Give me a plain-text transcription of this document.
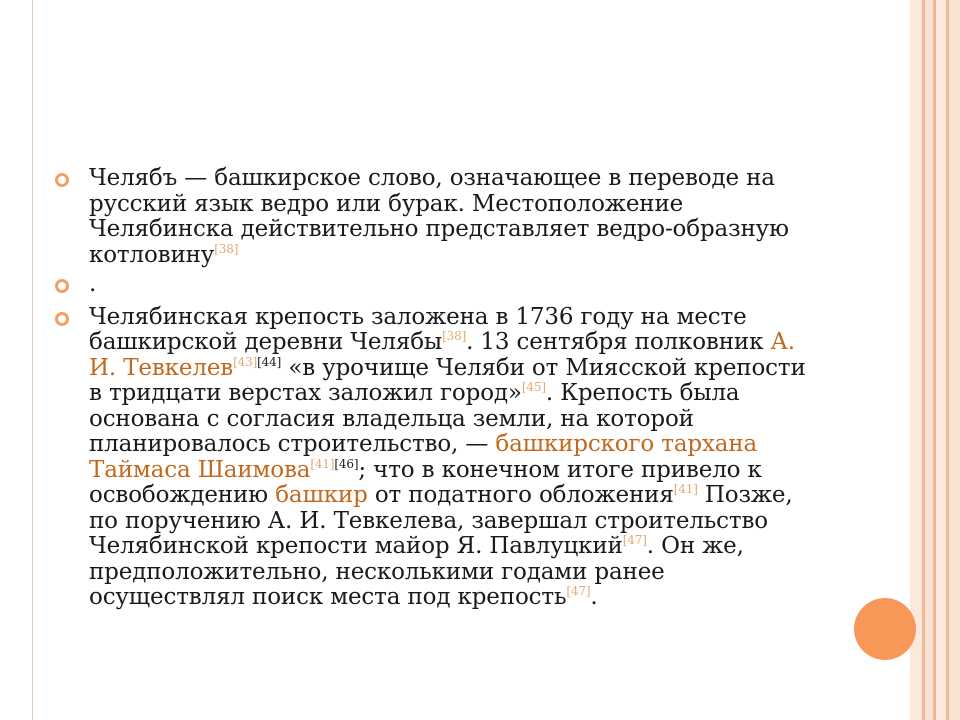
Челябъ — башкирское слово, означающее в переводе на русский язык ведро или бурак. Местоположение Челябинска действительно представляет ведро-образную котловину[38]
.
Челябинская крепость заложена в 1736 году на месте башкирской деревни Челябы[38]. 13 сентября полковник А. И. Тевкелев[43][44] «в урочище Челяби от Миясской крепости в тридцати верстах заложил город»[45]. Крепость была основана с согласия владельца земли, на которой планировалось строительство, — башкирского тархана Таймаса Шаимова[41][46]; что в конечном итоге привело к освобождению башкир от податного обложения[41] Позже, по поручению А. И. Тевкелева, завершал строительство Челябинской крепости майор Я. Павлуцкий[47]. Он же, предположительно, несколькими годами ранее осуществлял поиск места под крепость[47].
